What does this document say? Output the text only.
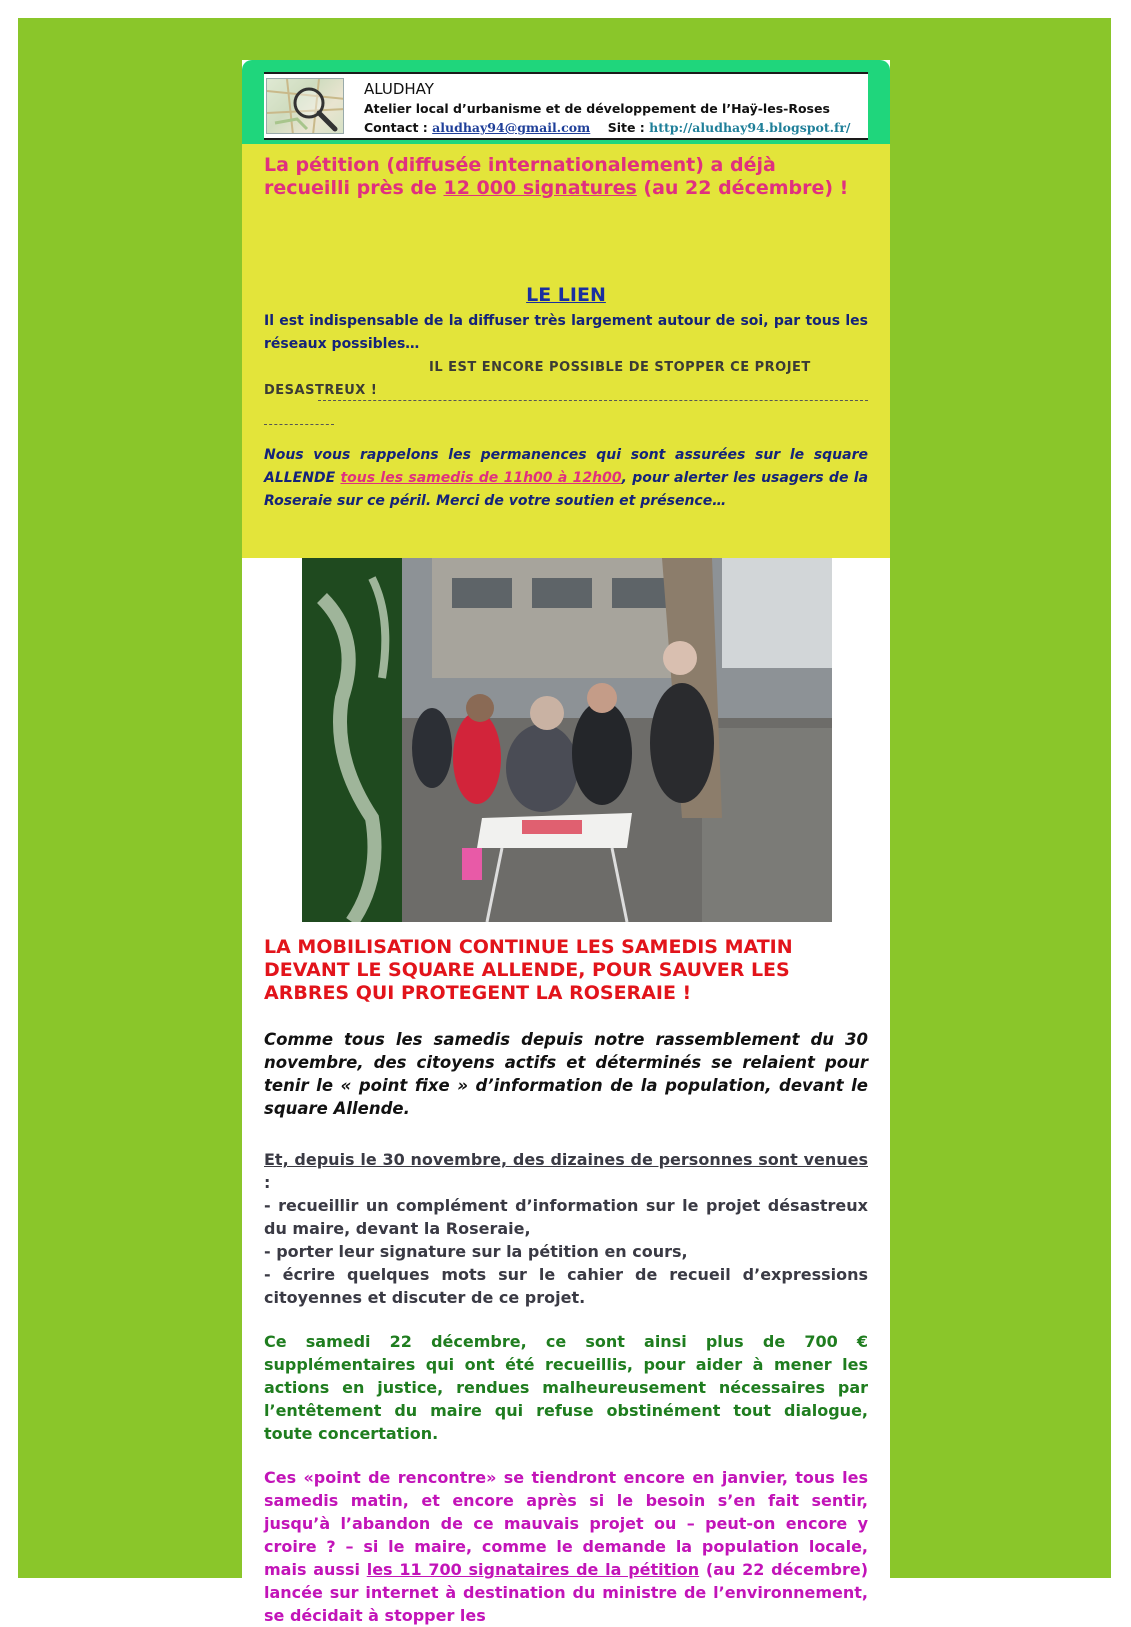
ALUDHAY
Atelier local d’urbanisme et de développement de l’Haÿ-les-Roses
Contact : aludhay94@gmail.com Site : http://aludhay94.blogspot.fr/
La pétition (diffusée internationalement) a déjà recueilli près de 12 000 signatures (au 22 décembre) !
LE LIEN
Il est indispensable de la diffuser très largement autour de soi, par tous les réseaux possibles…
IL EST ENCORE POSSIBLE DE STOPPER CE PROJET DESASTREUX !
Nous vous rappelons les permanences qui sont assurées sur le square ALLENDE tous les samedis de 11h00 à 12h00, pour alerter les usagers de la Roseraie sur ce péril. Merci de votre soutien et présence…
LA MOBILISATION CONTINUE LES SAMEDIS MATIN DEVANT LE SQUARE ALLENDE, POUR SAUVER LES ARBRES QUI PROTEGENT LA ROSERAIE !
Comme tous les samedis depuis notre rassemblement du 30 novembre, des citoyens actifs et déterminés se relaient pour tenir le « point fixe » d’information de la population, devant le square Allende.
Et, depuis le 30 novembre, des dizaines de personnes sont venues :
- recueillir un complément d’information sur le projet désastreux du maire, devant la Roseraie,
- porter leur signature sur la pétition en cours,
- écrire quelques mots sur le cahier de recueil d’expressions citoyennes et discuter de ce projet.
Ce samedi 22 décembre, ce sont ainsi plus de 700 € supplémentaires qui ont été recueillis, pour aider à mener les actions en justice, rendues malheureusement nécessaires par l’entêtement du maire qui refuse obstinément tout dialogue, toute concertation.
Ces «point de rencontre» se tiendront encore en janvier, tous les samedis matin, et encore après si le besoin s’en fait sentir, jusqu’à l’abandon de ce mauvais projet ou – peut-on encore y croire ? – si le maire, comme le demande la population locale, mais aussi les 11 700 signataires de la pétition (au 22 décembre) lancée sur internet à destination du ministre de l’environnement, se décidait à stopper les
